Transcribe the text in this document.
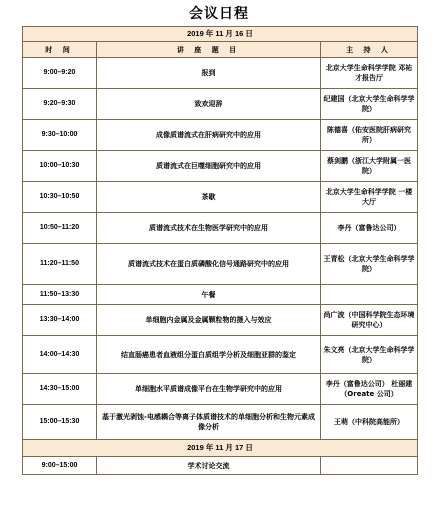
会议日程
2019 年 11 月 16 日		
时 间	讲 座 题 目	主 持 人
9:00–9:20	报到	北京大学生命科学学院 邓祐才报告厅
9:20–9:30	致欢迎辞	纪建国（北京大学生命科学学院）
9:30–10:00	成像质谱流式在肝病研究中的应用	陈德喜（佑安医院肝病研究所）
10:00–10:30	质谱流式在巨噬细胞研究中的应用	蔡剑鹏（浙江大学附属一医院）
10:30–10:50	茶歇	北京大学生命科学学院 一楼大厅
10:50–11:20	质谱流式技术在生物医学研究中的应用	李丹（富鲁达公司）
11:20–11:50	质谱流式技术在蛋白质磷酸化信号通路研究中的应用	王青松（北京大学生命科学学院）
11:50–13:30	午餐	
13:30–14:00	单细胞内金属及金属颗粒物的摄入与效应	尚广波（中国科学院生态环境研究中心）
14:00–14:30	结直肠癌患者血液组分蛋白质组学分析及细胞亚群的鉴定	朱文亮（北京大学生命科学学院）
14:30–15:00	单细胞水平质谱成像平台在生物学研究中的应用	李丹（富鲁达公司） 杜丽建（Oreate 公司）
15:00–15:30	基于激光剥蚀-电感耦合等离子体质谱技术的单细胞分析和生物元素成像分析	王萌（中科院高能所）
2019 年 11 月 17 日		
9:00–15:00	学术讨论交流	
